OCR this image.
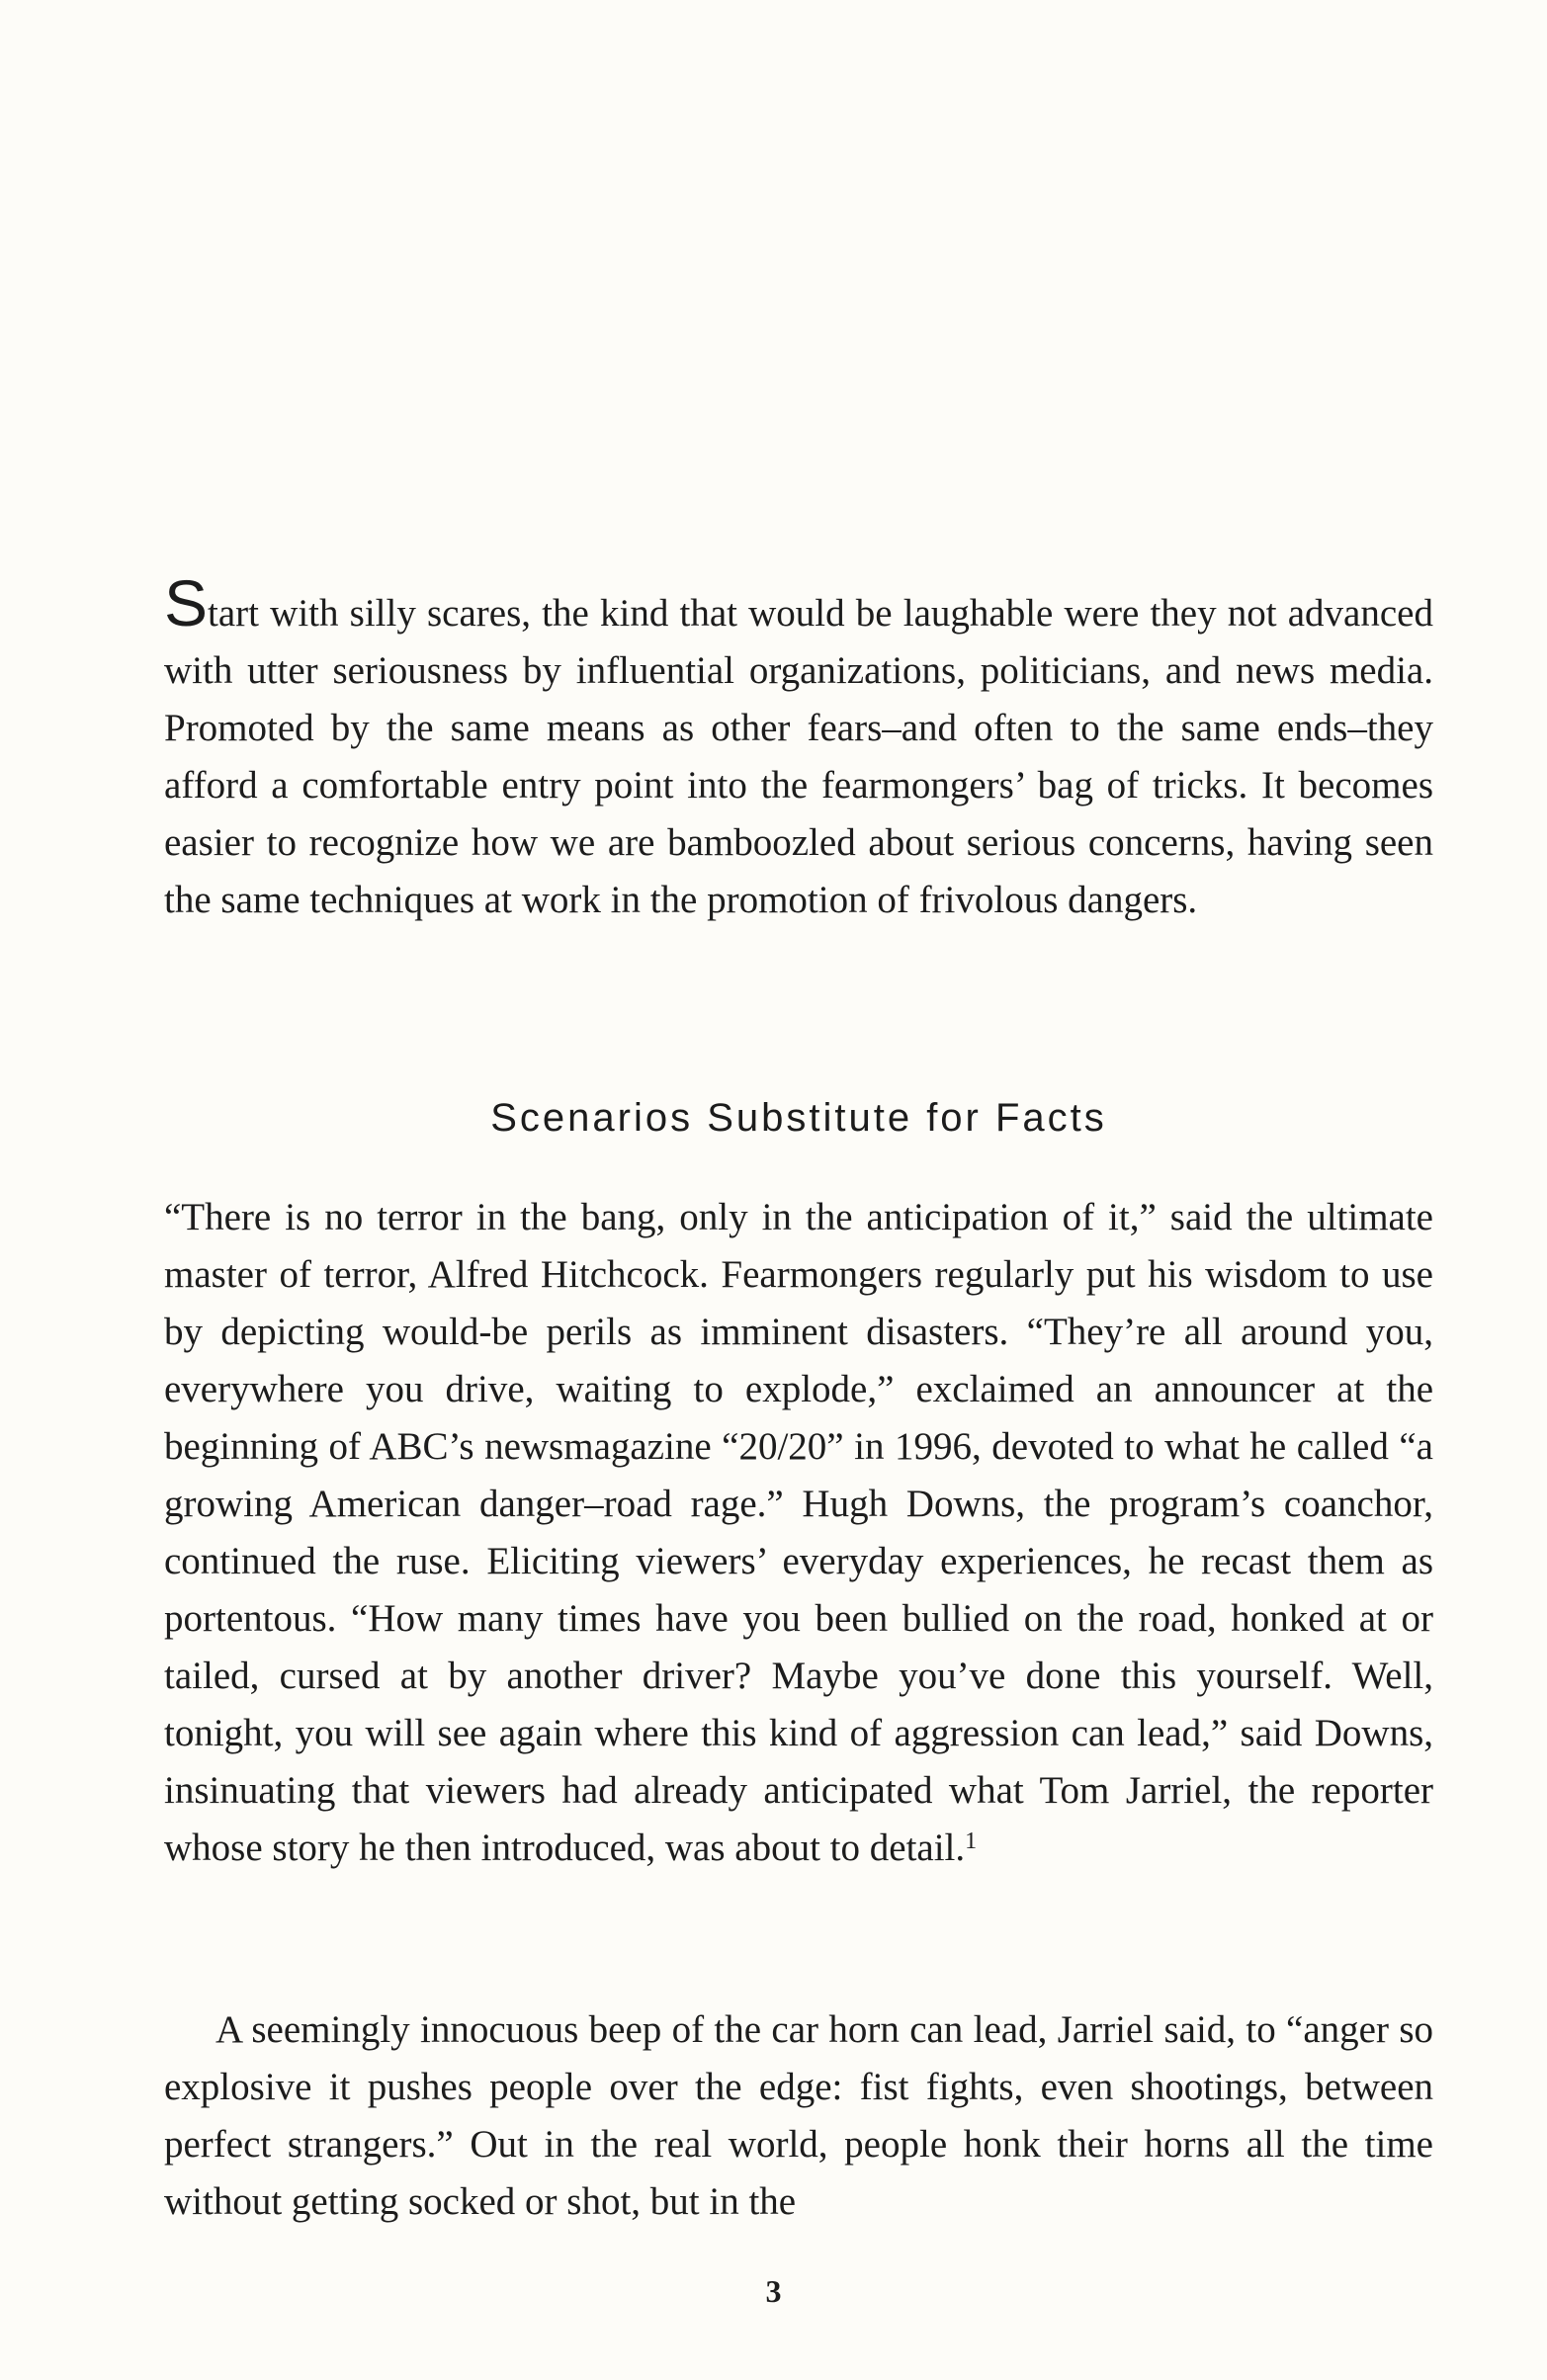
Start with silly scares, the kind that would be laughable were they not advanced with utter seriousness by influential organizations, politicians, and news media. Promoted by the same means as other fears–and often to the same ends–they afford a comfortable entry point into the fearmongers’ bag of tricks. It becomes easier to recognize how we are bamboozled about serious concerns, having seen the same techniques at work in the promotion of frivolous dangers.

Scenarios Substitute for Facts

“There is no terror in the bang, only in the anticipation of it,” said the ultimate master of terror, Alfred Hitchcock. Fearmongers regularly put his wisdom to use by depicting would-be perils as imminent disasters. “They’re all around you, everywhere you drive, waiting to explode,” exclaimed an announcer at the beginning of ABC’s newsmagazine “20/20” in 1996, devoted to what he called “a growing American danger–road rage.” Hugh Downs, the program’s coanchor, continued the ruse. Eliciting viewers’ everyday experiences, he recast them as portentous. “How many times have you been bullied on the road, honked at or tailed, cursed at by another driver? Maybe you’ve done this yourself. Well, tonight, you will see again where this kind of aggression can lead,” said Downs, insinuating that viewers had already anticipated what Tom Jarriel, the reporter whose story he then introduced, was about to detail.$^1$

A seemingly innocuous beep of the car horn can lead, Jarriel said, to “anger so explosive it pushes people over the edge: fist fights, even shootings, between perfect strangers.” Out in the real world, people honk their horns all the time without getting socked or shot, but in the

3
